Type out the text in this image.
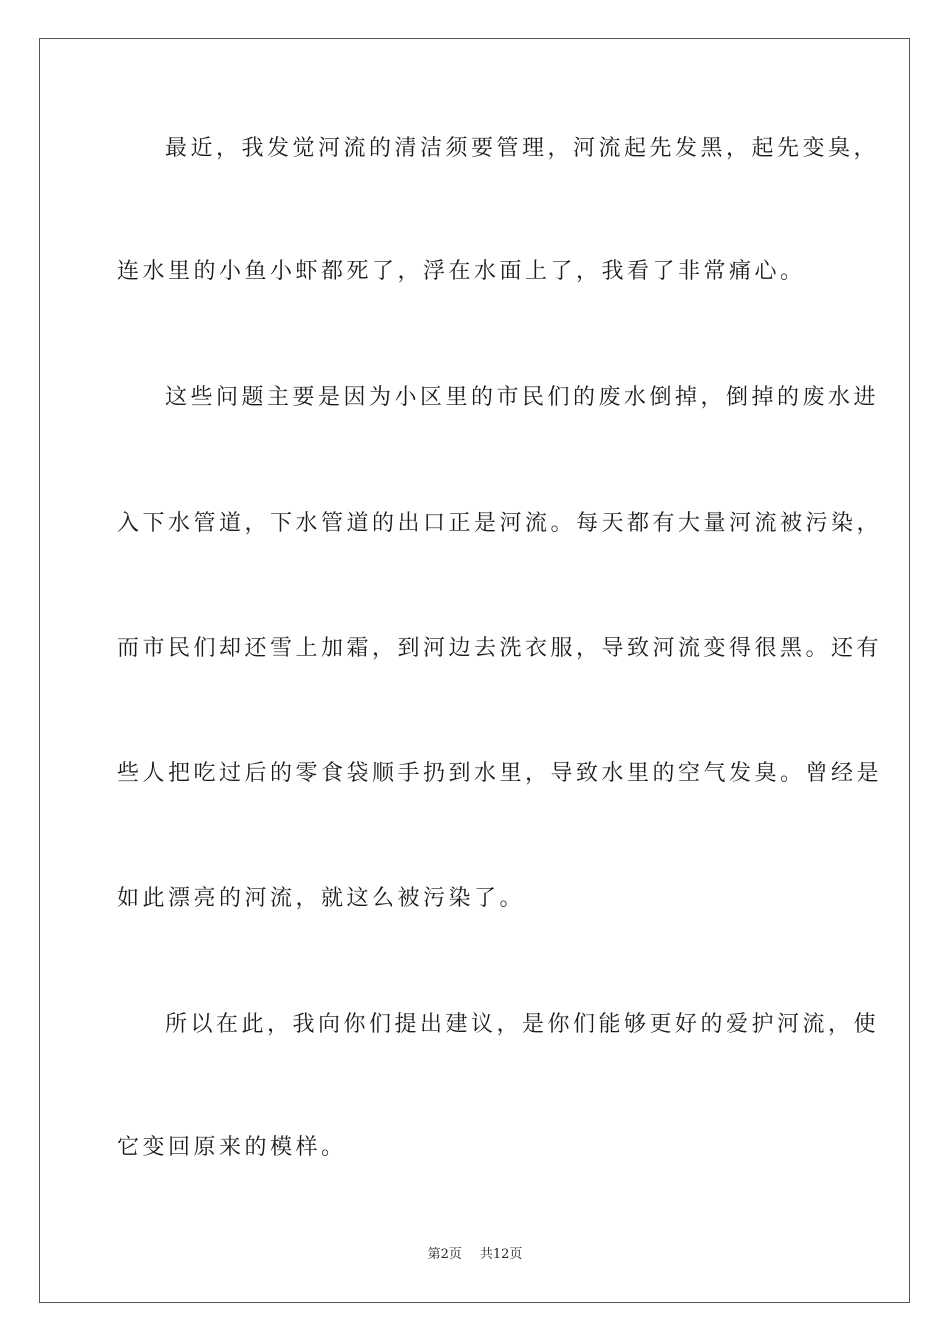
最近，我发觉河流的清洁须要管理，河流起先发黑，起先变臭，
连水里的小鱼小虾都死了，浮在水面上了，我看了非常痛心。
这些问题主要是因为小区里的市民们的废水倒掉，倒掉的废水进
入下水管道，下水管道的出口正是河流。每天都有大量河流被污染，
而市民们却还雪上加霜，到河边去洗衣服，导致河流变得很黑。还有
些人把吃过后的零食袋顺手扔到水里，导致水里的空气发臭。曾经是
如此漂亮的河流，就这么被污染了。
所以在此，我向你们提出建议，是你们能够更好的爱护河流，使
它变回原来的模样。
第2页 共12页
